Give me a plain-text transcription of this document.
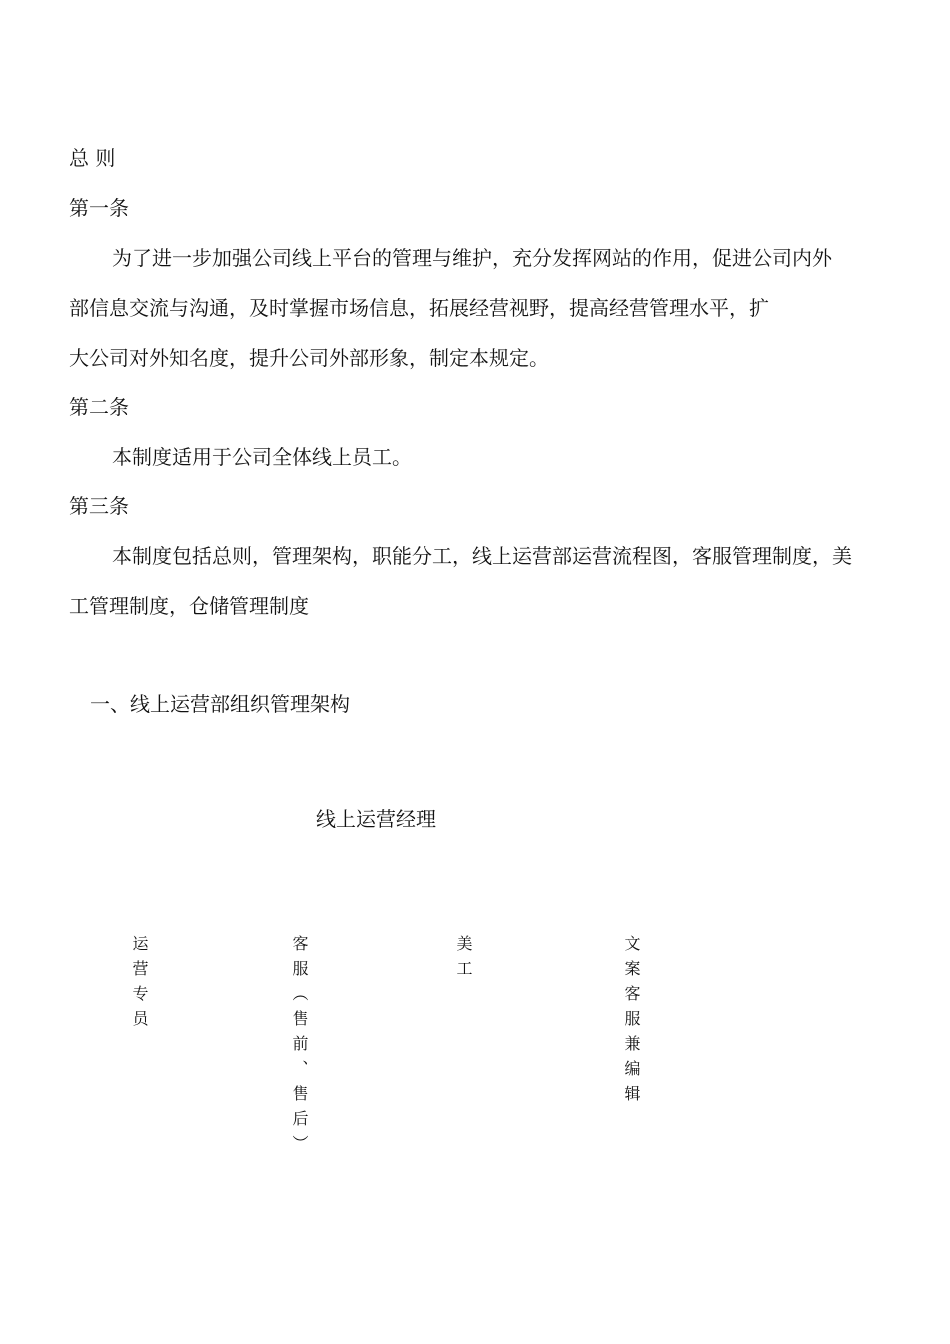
总 则

第一条

为了进一步加强公司线上平台的管理与维护，充分发挥网站的作用，促进公司内外

部信息交流与沟通，及时掌握市场信息，拓展经营视野，提高经营管理水平，扩

大公司对外知名度，提升公司外部形象，制定本规定。

第二条

本制度适用于公司全体线上员工。

第三条

本制度包括总则，管理架构，职能分工，线上运营部运营流程图，客服管理制度，美

工管理制度，仓储管理制度

一、线上运营部组织管理架构

线上运营经理

运营专员	客服（售前、售后）	美工	文案客服兼编辑
